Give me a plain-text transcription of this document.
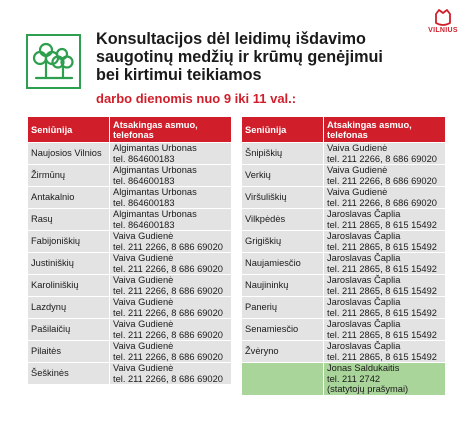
VILNIUS
Konsultacijos dėl leidimų išdavimo saugotinų medžių ir krūmų genėjimui bei kirtimui teikiamos
darbo dienomis nuo 9 iki 11 val.:
Seniūnija	Atsakingas asmuo, telefonas
Naujosios Vilnios	Algimantas Urbonas
tel. 864600183

Žirmūnų	Algimantas Urbonas
tel. 864600183

Antakalnio	Algimantas Urbonas
tel. 864600183

Rasų	Algimantas Urbonas
tel. 864600183

Fabijoniškių	Vaiva Gudienė
tel. 211 2266, 8 686 69020

Justiniškių	Vaiva Gudienė
tel. 211 2266, 8 686 69020

Karoliniškių	Vaiva Gudienė
tel. 211 2266, 8 686 69020

Lazdynų	Vaiva Gudienė
tel. 211 2266, 8 686 69020

Pašilaičių	Vaiva Gudienė
tel. 211 2266, 8 686 69020

Pilaitės	Vaiva Gudienė
tel. 211 2266, 8 686 69020

Šeškinės	Vaiva Gudienė
tel. 211 2266, 8 686 69020
Seniūnija	Atsakingas asmuo, telefonas
Šnipiškių	Vaiva Gudienė
tel. 211 2266, 8 686 69020

Verkių	Vaiva Gudienė
tel. 211 2266, 8 686 69020

Viršuliškių	Vaiva Gudienė
tel. 211 2266, 8 686 69020

Vilkpėdės	Jaroslavas Čaplia
tel. 211 2865, 8 615 15492

Grigiškių	Jaroslavas Čaplia
tel. 211 2865, 8 615 15492

Naujamiesčio	Jaroslavas Čaplia
tel. 211 2865, 8 615 15492

Naujininkų	Jaroslavas Čaplia
tel. 211 2865, 8 615 15492

Panerių	Jaroslavas Čaplia
tel. 211 2865, 8 615 15492

Senamiesčio	Jaroslavas Čaplia
tel. 211 2865, 8 615 15492

Žvėryno	Jaroslavas Čaplia
tel. 211 2865, 8 615 15492

	Jonas Saldukaitis
tel. 211 2742
(statytojų prašymai)
